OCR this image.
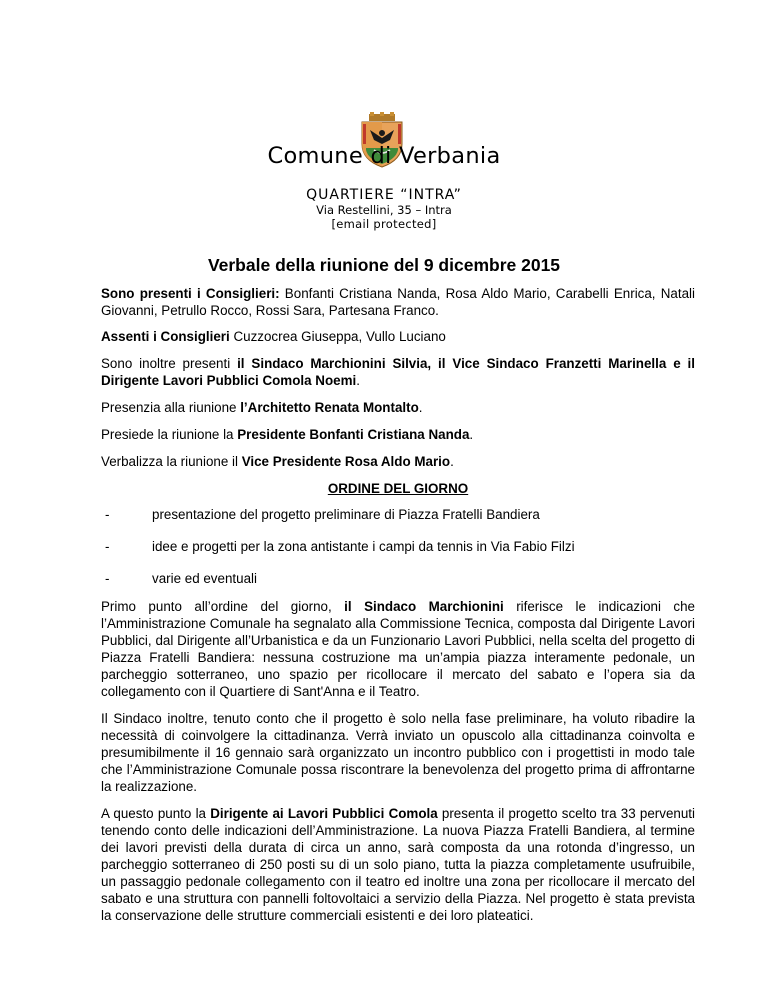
Comune di Verbania
QUARTIERE “INTRA”
Via Restellini, 35 – Intra
[email protected]
Verbale della riunione del 9 dicembre 2015

Sono presenti i Consiglieri: Bonfanti Cristiana Nanda, Rosa Aldo Mario, Carabelli Enrica, Natali Giovanni, Petrullo Rocco, Rossi Sara, Partesana Franco.

Assenti i Consiglieri Cuzzocrea Giuseppa, Vullo Luciano

Sono inoltre presenti il Sindaco Marchionini Silvia, il Vice Sindaco Franzetti Marinella e il Dirigente Lavori Pubblici Comola Noemi.

Presenzia alla riunione l’Architetto Renata Montalto.

Presiede la riunione la Presidente Bonfanti Cristiana Nanda.

Verbalizza la riunione il Vice Presidente Rosa Aldo Mario.

ORDINE DEL GIORNO

-	presentazione del progetto preliminare di Piazza Fratelli Bandiera
-	idee e progetti per la zona antistante i campi da tennis in Via Fabio Filzi
-	varie ed eventuali

Primo punto all’ordine del giorno, il Sindaco Marchionini riferisce le indicazioni che l’Amministrazione Comunale ha segnalato alla Commissione Tecnica, composta dal Dirigente Lavori Pubblici, dal Dirigente all’Urbanistica e da un Funzionario Lavori Pubblici, nella scelta del progetto di Piazza Fratelli Bandiera: nessuna costruzione ma un’ampia piazza interamente pedonale, un parcheggio sotterraneo, uno spazio per ricollocare il mercato del sabato e l’opera sia da collegamento con il Quartiere di Sant'Anna e il Teatro.

Il Sindaco inoltre, tenuto conto che il progetto è solo nella fase preliminare, ha voluto ribadire la necessità di coinvolgere la cittadinanza. Verrà inviato un opuscolo alla cittadinanza coinvolta e presumibilmente il 16 gennaio sarà organizzato un incontro pubblico con i progettisti in modo tale che l’Amministrazione Comunale possa riscontrare la benevolenza del progetto prima di affrontarne la realizzazione.

A questo punto la Dirigente ai Lavori Pubblici Comola presenta il progetto scelto tra 33 pervenuti tenendo conto delle indicazioni dell’Amministrazione. La nuova Piazza Fratelli Bandiera, al termine dei lavori previsti della durata di circa un anno, sarà composta da una rotonda d’ingresso, un parcheggio sotterraneo di 250 posti su di un solo piano, tutta la piazza completamente usufruibile, un passaggio pedonale collegamento con il teatro ed inoltre una zona per ricollocare il mercato del sabato e una struttura con pannelli foltovoltaici a servizio della Piazza. Nel progetto è stata prevista la conservazione delle strutture commerciali esistenti e dei loro plateatici.
